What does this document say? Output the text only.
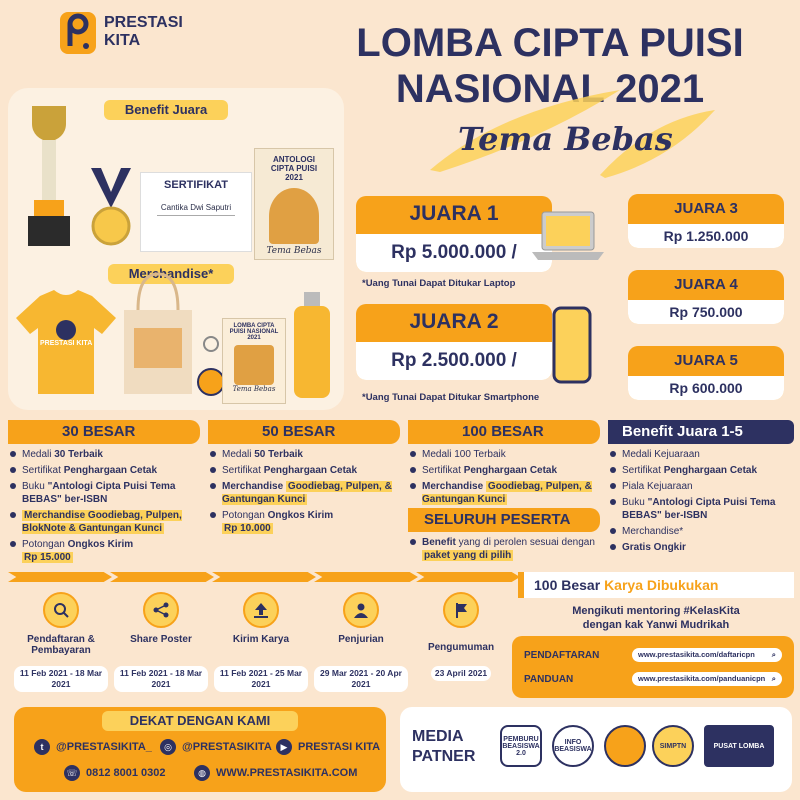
PRESTASI
KITA	LOMBA CIPTA PUISI
NASIONAL 2021
Tema Bebas
Benefit Juara
SERTIFIKAT
Cantika Dwi Saputri
ANTOLOGI CIPTA PUISI 2021
Tema Bebas
Merchandise*
PRESTASI KITA
LOMBA CIPTA PUISI NASIONAL 2021
Tema Bebas
JUARA 1
Rp 5.000.000 /
*Uang Tunai Dapat Ditukar Laptop
JUARA 2
Rp 2.500.000 /
*Uang Tunai Dapat Ditukar Smartphone
JUARA 3
Rp 1.250.000
JUARA 4
Rp 750.000
JUARA 5
Rp 600.000
30 BESAR
Medali 30 Terbaik
Sertifikat Penghargaan Cetak
Buku "Antologi Cipta Puisi Tema BEBAS" ber-ISBN
Merchandise Goodiebag, Pulpen, BlokNote & Gantungan Kunci
Potongan Ongkos Kirim
Rp 15.000
50 BESAR
Medali 50 Terbaik
Sertifikat Penghargaan Cetak
Merchandise Goodiebag, Pulpen, & Gantungan Kunci
Potongan Ongkos Kirim
Rp 10.000
100 BESAR
Medali 100 Terbaik
Sertifikat Penghargaan Cetak
Merchandise Goodiebag, Pulpen, & Gantungan Kunci
SELURUH PESERTA
Benefit yang di perolen sesuai dengan paket yang di pilih
Benefit Juara 1-5
Medali Kejuaraan
Sertifikat Penghargaan Cetak
Piala Kejuaraan
Buku "Antologi Cipta Puisi Tema BEBAS" ber-ISBN
Merchandise*
Gratis Ongkir
Pendaftaran & Pembayaran
11 Feb 2021 - 18 Mar 2021
Share Poster
11 Feb 2021 - 18 Mar 2021
Kirim Karya
11 Feb 2021 - 25 Mar 2021
Penjurian
29 Mar 2021 - 20 Apr 2021
Pengumuman
23 April 2021
100 Besar Karya Dibukukan
Mengikuti mentoring #KelasKita
dengan kak Yanwi Mudrikah
PENDAFTARAN	www.prestasikita.com/daftaricpn ⌕
PANDUAN	www.prestasikita.com/panduanicpn ⌕
DEKAT DENGAN KAMI
t	@PRESTASIKITA_	◎ @PRESTASIKITA ▶ PRESTASI KITA
☏ 0812 8001 0302	◍ WWW.PRESTASIKITA.COM
MEDIA
PATNER
PEMBURU BEASISWA 2.0
INFO BEASISWA	SIMPTN	PUSAT LOMBA
